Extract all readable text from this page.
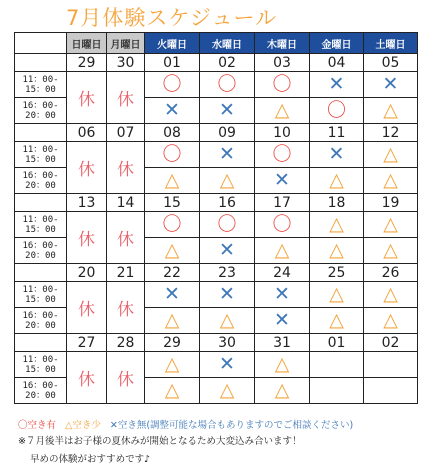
7月体験スケジュール
	日曜日	月曜日	火曜日	水曜日	木曜日	金曜日	土曜日
	29	30	01	02	03	04	05
11：00-
15：00	休	休	〇	〇	〇	✕	✕
16：00-
20：00			✕	✕	△	〇	△
	06	07	08	09	10	11	12
11：00-
15：00	休	休	〇	✕	〇	✕	△
16：00-
20：00			△	△	✕	△	△
	13	14	15	16	17	18	19
11：00-
15：00	休	休	〇	〇	〇	△	△
16：00-
20：00			△	✕	△	△	△
	20	21	22	23	24	25	26
11：00-
15：00	休	休	✕	✕	✕	△	△
16：00-
20：00			△	△	✕	△	△
	27	28	29	30	31	01	02
11：00-
15：00	休	休	△	✕	△		
16：00-
20：00			△	△	△		
〇空き有 △空き少 ✕空き無(調整可能な場合もありますのでご相談ください)
※７月後半はお子様の夏休みが開始となるため大変込み合います！
早めの体験がおすすめです♪
